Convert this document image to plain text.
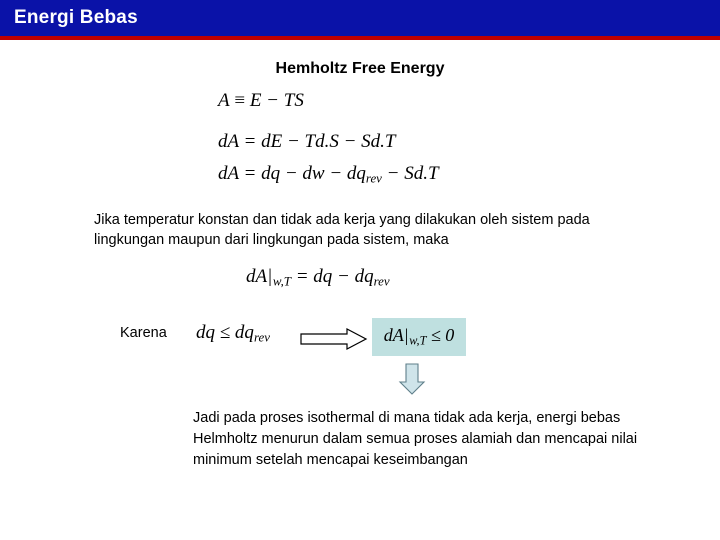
Energi Bebas
Hemholtz Free Energy
A ≡ E − TS
dA = dE − Td.S − Sd.T
dA = dq − dw − $dq_{rev} - Sd.T$
Jika temperatur konstan dan tidak ada kerja yang dilakukan oleh sistem pada lingkungan maupun dari lingkungan pada sistem, maka
$dA|_{w,T}$ = dq − $dq_{rev}$
Karena dq ≤ $dq_{rev}$	$dA|_{w,T} \le 0$
Jadi pada proses isothermal di mana tidak ada kerja, energi bebas Helmholtz menurun dalam semua proses alamiah dan mencapai nilai minimum setelah mencapai keseimbangan
